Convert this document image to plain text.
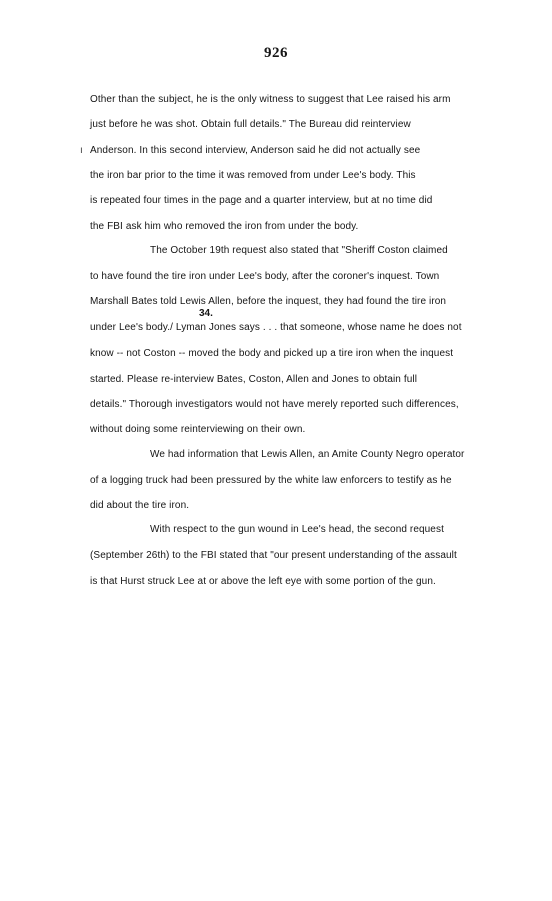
926
Other than the subject, he is the only witness to suggest that Lee raised his arm
just before he was shot. Obtain full details." The Bureau did reinterview
Anderson. In this second interview, Anderson said he did not actually see
the iron bar prior to the time it was removed from under Lee's body. This
is repeated four times in the page and a quarter interview, but at no time did
the FBI ask him who removed the iron from under the body.
The October 19th request also stated that "Sheriff Coston claimed
to have found the tire iron under Lee's body, after the coroner's inquest. Town
Marshall Bates told Lewis Allen, before the inquest, they had found the tire iron
34.
under Lee's body./ Lyman Jones says . . . that someone, whose name he does not
know -- not Coston -- moved the body and picked up a tire iron when the inquest
started. Please re-interview Bates, Coston, Allen and Jones to obtain full
details." Thorough investigators would not have merely reported such differences,
without doing some reinterviewing on their own.
We had information that Lewis Allen, an Amite County Negro operator
of a logging truck had been pressured by the white law enforcers to testify as he
did about the tire iron.
With respect to the gun wound in Lee's head, the second request
(September 26th) to the FBI stated that "our present understanding of the assault
is that Hurst struck Lee at or above the left eye with some portion of the gun.
ı
